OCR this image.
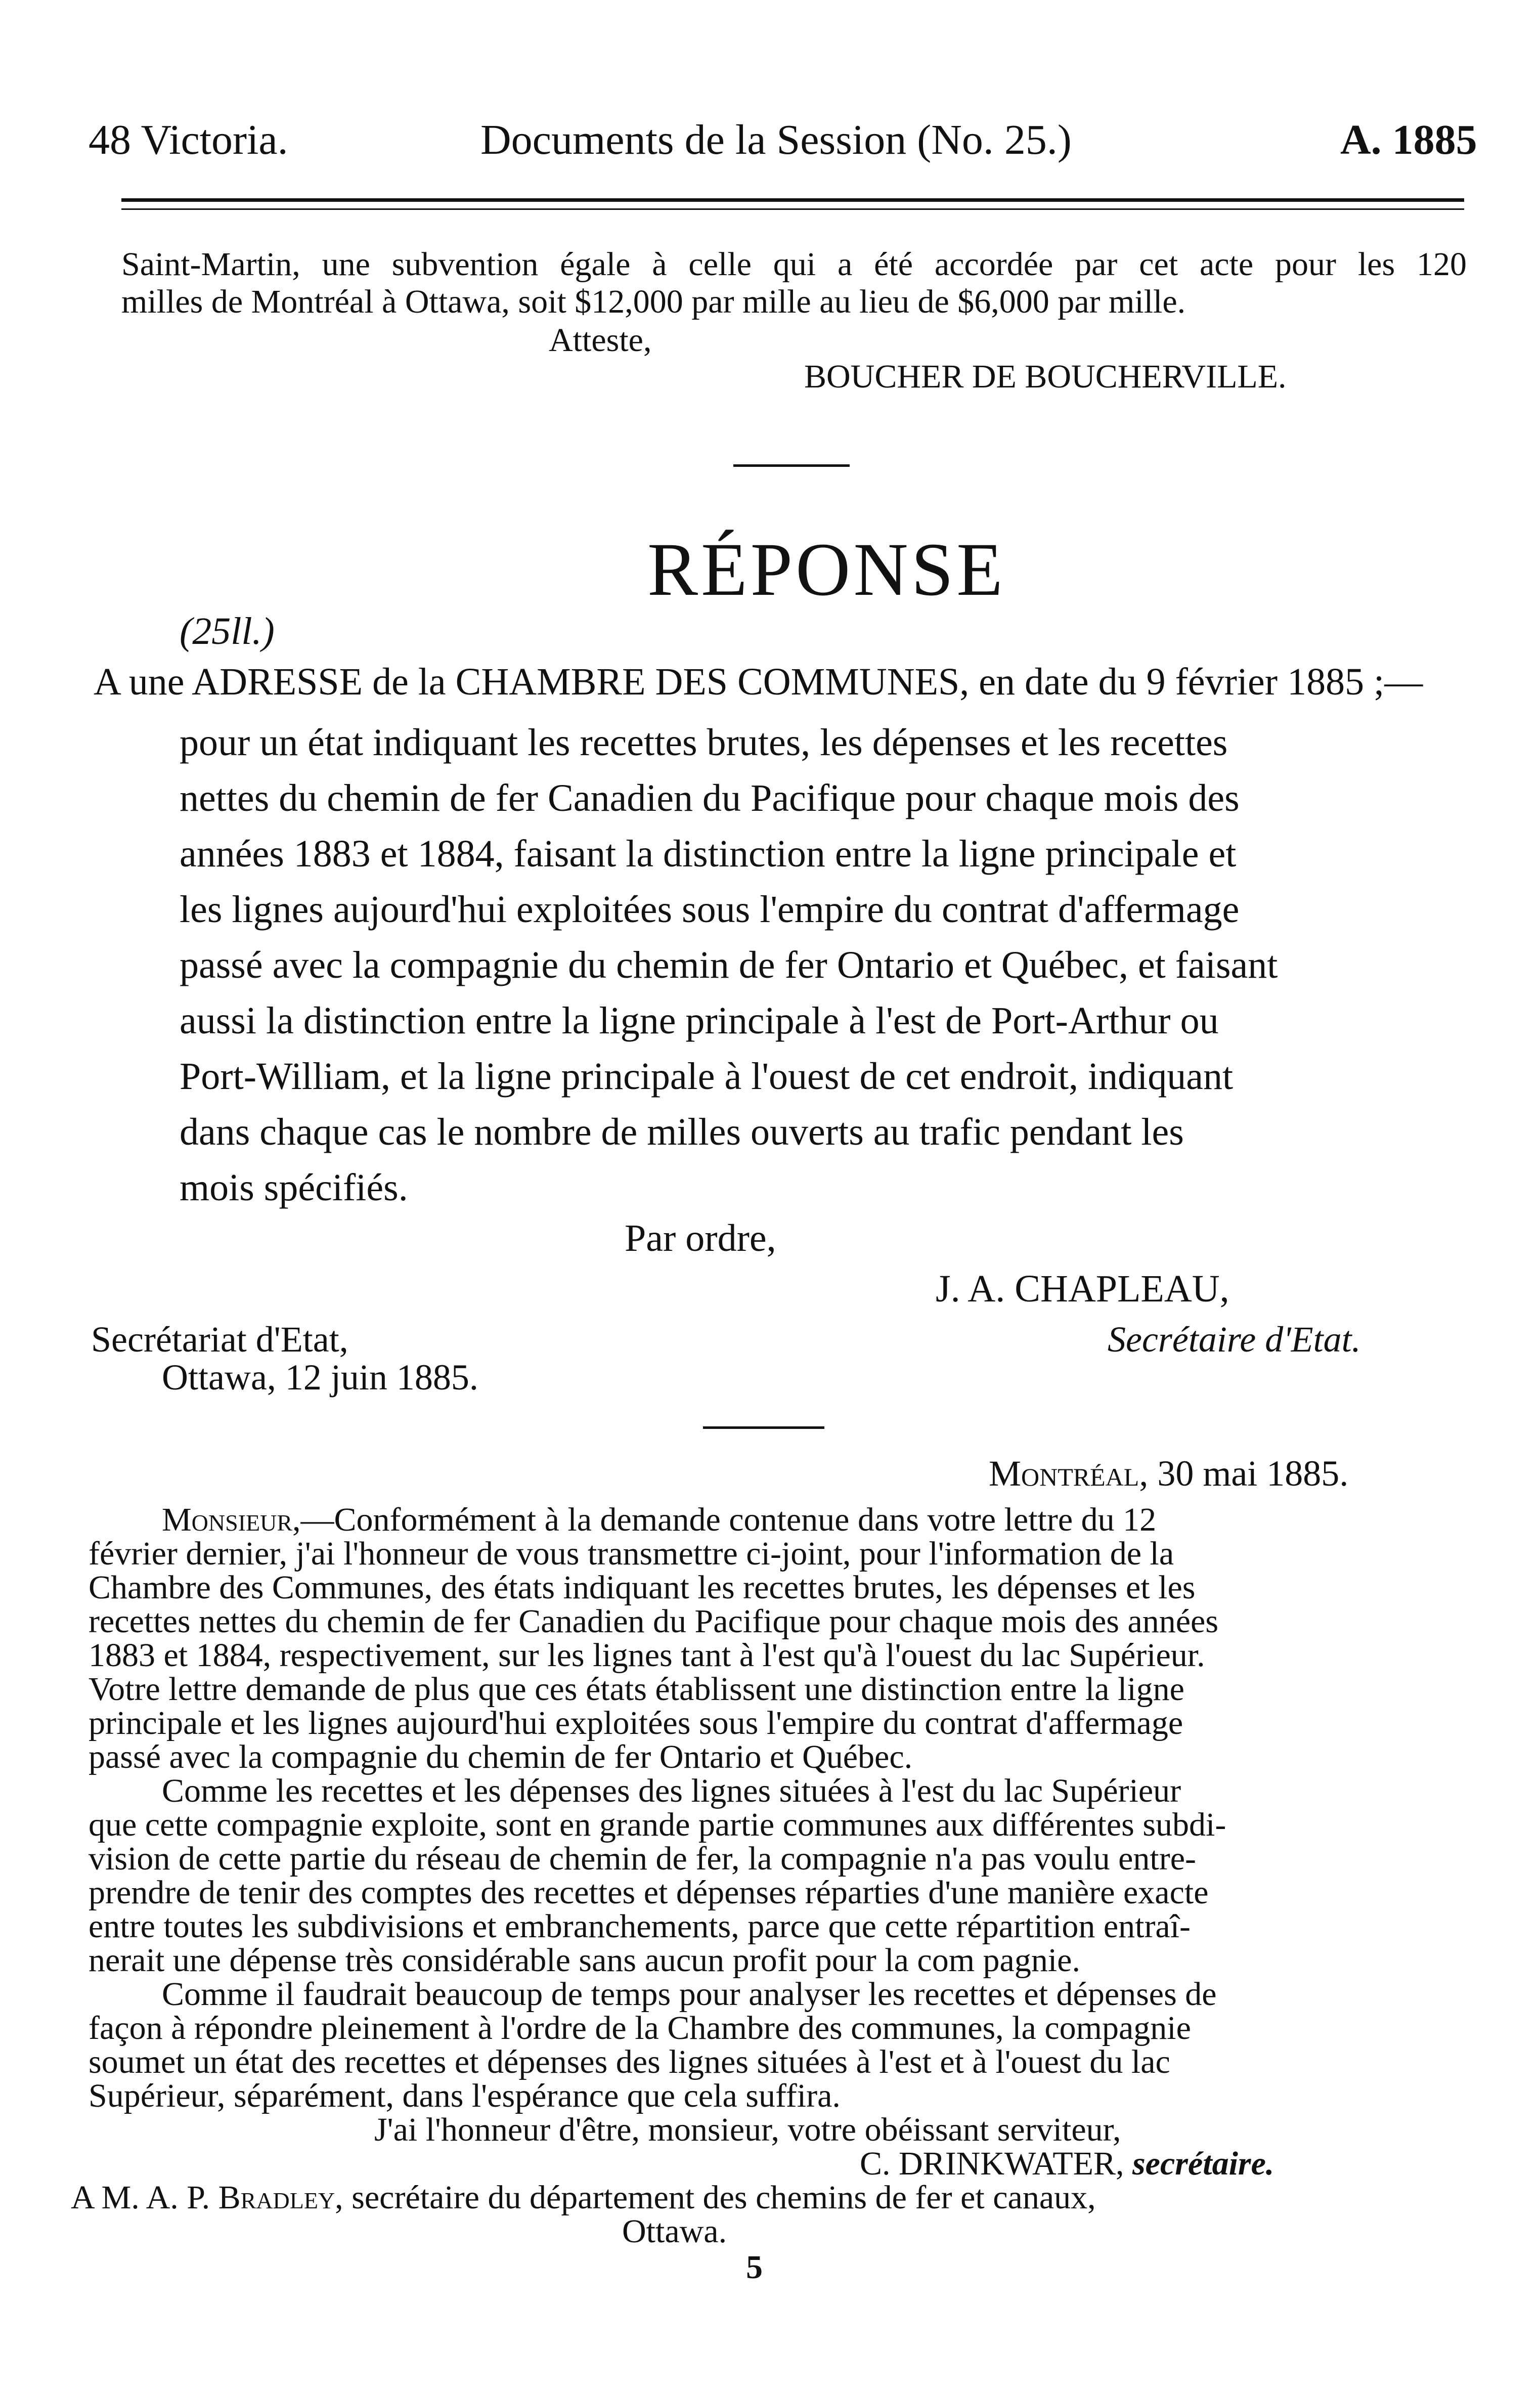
48 Victoria.	Documents de la Session (No. 25.)	A. 1885
Saint-Martin, une subvention égale à celle qui a été accordée par cet acte pour les 120
milles de Montréal à Ottawa, soit $12,000 par mille au lieu de $6,000 par mille.
Atteste,
BOUCHER DE BOUCHERVILLE.
RÉPONSE
(25ll.)
A une ADRESSE de la CHAMBRE DES COMMUNES, en date du 9 février 1885 ;—
pour un état indiquant les recettes brutes, les dépenses et les recettes
nettes du chemin de fer Canadien du Pacifique pour chaque mois des
années 1883 et 1884, faisant la distinction entre la ligne principale et
les lignes aujourd'hui exploitées sous l'empire du contrat d'affermage
passé avec la compagnie du chemin de fer Ontario et Québec, et faisant
aussi la distinction entre la ligne principale à l'est de Port-Arthur ou
Port-William, et la ligne principale à l'ouest de cet endroit, indiquant
dans chaque cas le nombre de milles ouverts au trafic pendant les
mois spécifiés.
Par ordre,
J. A. CHAPLEAU,
Secrétariat d'Etat,	Secrétaire d'Etat.
Ottawa, 12 juin 1885.
Montréal, 30 mai 1885.
Monsieur,—Conformément à la demande contenue dans votre lettre du 12
février dernier, j'ai l'honneur de vous transmettre ci-joint, pour l'information de la
Chambre des Communes, des états indiquant les recettes brutes, les dépenses et les
recettes nettes du chemin de fer Canadien du Pacifique pour chaque mois des années
1883 et 1884, respectivement, sur les lignes tant à l'est qu'à l'ouest du lac Supérieur.
Votre lettre demande de plus que ces états établissent une distinction entre la ligne
principale et les lignes aujourd'hui exploitées sous l'empire du contrat d'affermage
passé avec la compagnie du chemin de fer Ontario et Québec.
Comme les recettes et les dépenses des lignes situées à l'est du lac Supérieur
que cette compagnie exploite, sont en grande partie communes aux différentes subdi-
vision de cette partie du réseau de chemin de fer, la compagnie n'a pas voulu entre-
prendre de tenir des comptes des recettes et dépenses réparties d'une manière exacte
entre toutes les subdivisions et embranchements, parce que cette répartition entraî-
nerait une dépense très considérable sans aucun profit pour la com pagnie.
Comme il faudrait beaucoup de temps pour analyser les recettes et dépenses de
façon à répondre pleinement à l'ordre de la Chambre des communes, la compagnie
soumet un état des recettes et dépenses des lignes situées à l'est et à l'ouest du lac
Supérieur, séparément, dans l'espérance que cela suffira.
J'ai l'honneur d'être, monsieur, votre obéissant serviteur,
C. DRINKWATER, secrétaire.
A M. A. P. Bradley, secrétaire du département des chemins de fer et canaux,
Ottawa.
5
